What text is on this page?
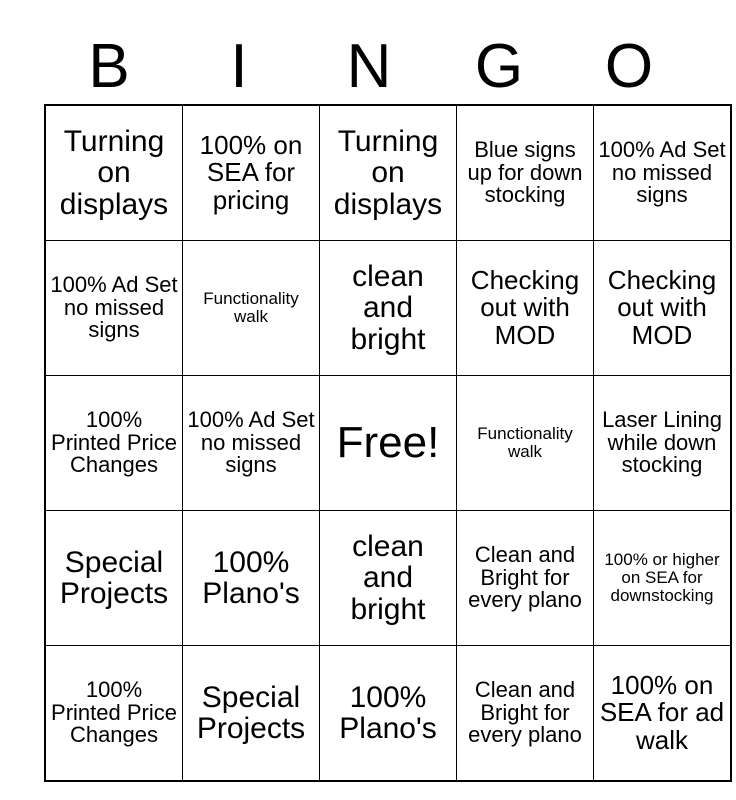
B	I	N	G	O
Turning on displays	100% on SEA for pricing	Turning on displays	Blue signs up for down stocking	100% Ad Set no missed signs

100% Ad Set no missed signs	Functionality walk	clean and bright	Checking out with MOD	Checking out with MOD

100% Printed Price Changes	100% Ad Set no missed signs	Free!	Functionality walk	Laser Lining while down stocking

Special Projects	100% Plano's	clean and bright	Clean and Bright for every plano	100% or higher on SEA for downstocking

100% Printed Price Changes	Special Projects	100% Plano's	Clean and Bright for every plano	100% on SEA for ad walk
